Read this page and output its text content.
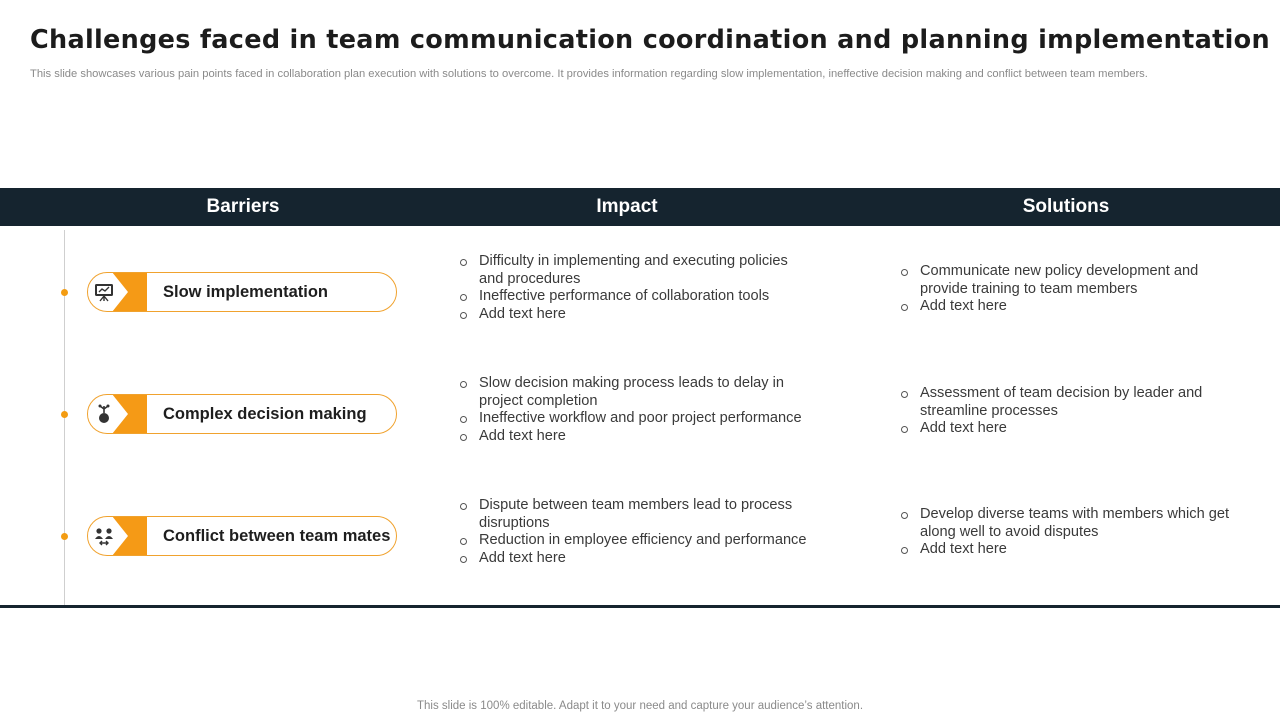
Challenges faced in team communication coordination and planning implementation
This slide showcases various pain points faced in collaboration plan execution with solutions to overcome. It provides information regarding slow implementation, ineffective decision making and conflict between team members.
Barriers	Impact	Solutions
Slow implementation
Difficulty in implementing and executing policies and procedures
Ineffective performance of collaboration tools
Add text here
Communicate new policy development and provide training to team members
Add text here
Complex decision making
Slow decision making process leads to delay in project completion
Ineffective workflow and poor project performance
Add text here
Assessment of team decision by leader and streamline processes
Add text here
Conflict between team mates
Dispute between team members lead to process disruptions
Reduction in employee efficiency and performance
Add text here
Develop diverse teams with members which get along well to avoid disputes
Add text here
This slide is 100% editable. Adapt it to your need and capture your audience’s attention.
